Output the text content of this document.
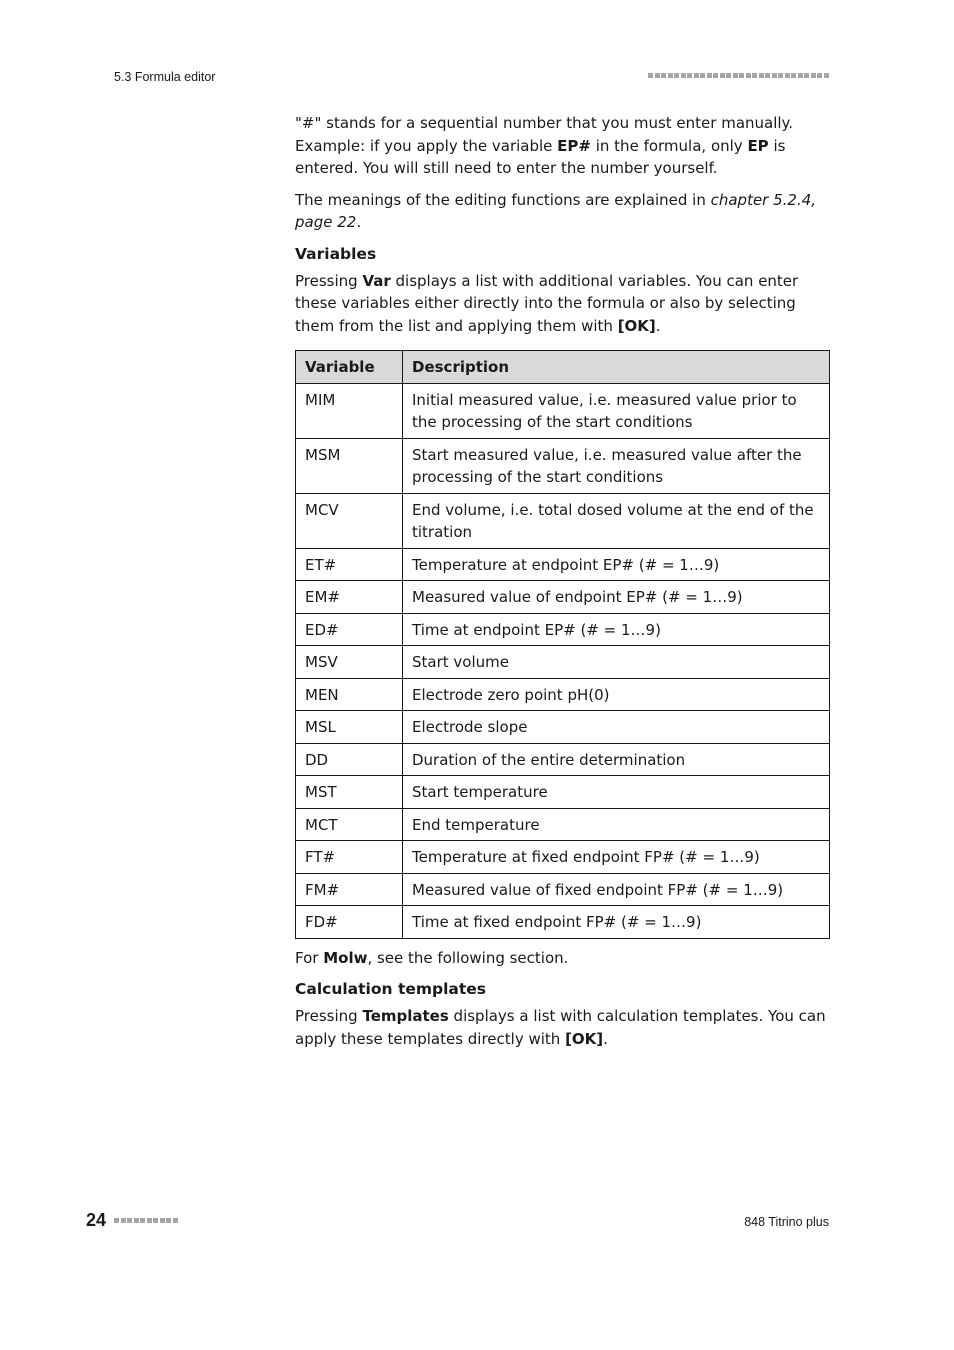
5.3 Formula editor

"#" stands for a sequential number that you must enter manually. Example: if you apply the variable EP# in the formula, only EP is entered. You will still need to enter the number yourself.

The meanings of the editing functions are explained in chapter 5.2.4, page 22.

Variables

Pressing Var displays a list with additional variables. You can enter these variables either directly into the formula or also by selecting them from the list and applying them with [OK].

Variable	Description
MIM	Initial measured value, i.e. measured value prior to the processing of the start conditions
MSM	Start measured value, i.e. measured value after the processing of the start conditions
MCV	End volume, i.e. total dosed volume at the end of the titration
ET#	Temperature at endpoint EP# (# = 1…9)
EM#	Measured value of endpoint EP# (# = 1…9)
ED#	Time at endpoint EP# (# = 1…9)
MSV	Start volume
MEN	Electrode zero point pH(0)
MSL	Electrode slope
DD	Duration of the entire determination
MST	Start temperature
MCT	End temperature
FT#	Temperature at fixed endpoint FP# (# = 1…9)
FM#	Measured value of fixed endpoint FP# (# = 1…9)
FD#	Time at fixed endpoint FP# (# = 1…9)

For Molw, see the following section.

Calculation templates

Pressing Templates displays a list with calculation templates. You can apply these templates directly with [OK].

24	848 Titrino plus
